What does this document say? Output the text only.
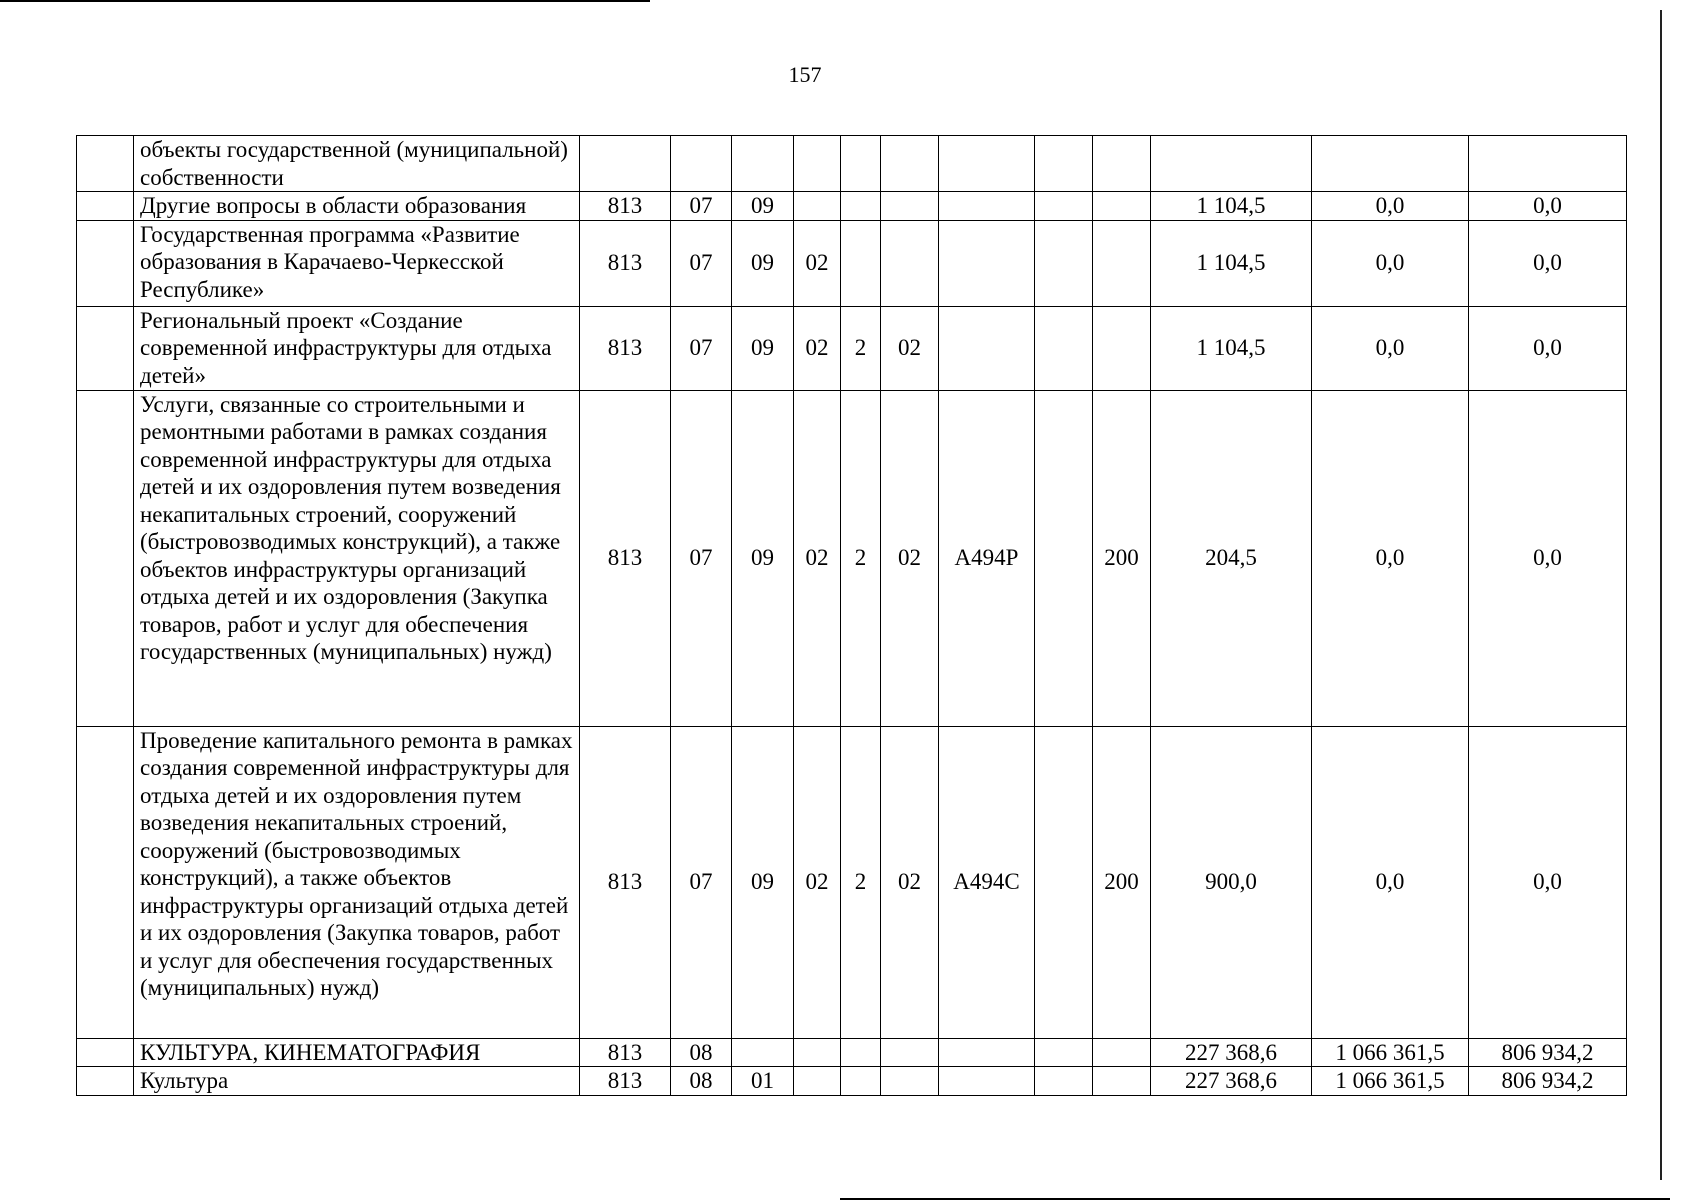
157
	объекты государственной (муниципальной) собственности												
	Другие вопросы в области образования	813	07	09							1 104,5	0,0	0,0
	Государственная программа «Развитие образования в Карачаево-Черкесской Республике»	813	07	09	02						1 104,5	0,0	0,0
	Региональный проект «Создание современной инфраструктуры для отдыха детей»	813	07	09	02	2	02				1 104,5	0,0	0,0
	Услуги, связанные со строительными и ремонтными работами в рамках создания современной инфраструктуры для отдыха детей и их оздоровления путем возведения некапитальных строений, сооружений (быстровозводимых конструкций), а также объектов инфраструктуры организаций отдыха детей и их оздоровления (Закупка товаров, работ и услуг для обеспечения государственных (муниципальных) нужд)	813	07	09	02	2	02	А494Р		200	204,5	0,0	0,0
	Проведение капитального ремонта в рамках создания современной инфраструктуры для отдыха детей и их оздоровления путем возведения некапитальных строений, сооружений (быстровозводимых конструкций), а также объектов инфраструктуры организаций отдыха детей и их оздоровления (Закупка товаров, работ и услуг для обеспечения государственных (муниципальных) нужд)	813	07	09	02	2	02	А494С		200	900,0	0,0	0,0
	КУЛЬТУРА, КИНЕМАТОГРАФИЯ	813	08								227 368,6	1 066 361,5	806 934,2
	Культура	813	08	01							227 368,6	1 066 361,5	806 934,2
